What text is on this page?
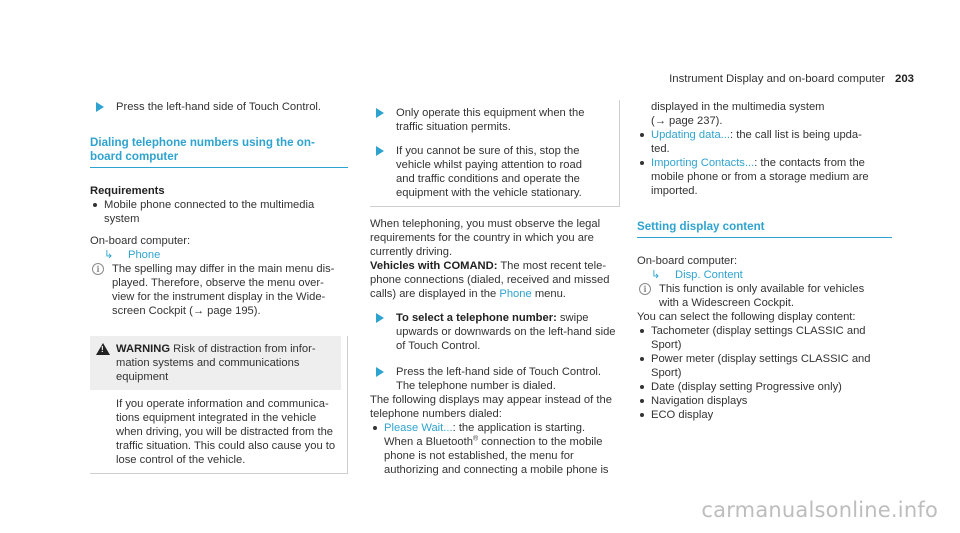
Instrument Display and on-board computer 203
Press the left-hand side of Touch Control.
Dialing telephone numbers using the on-
board computer
Requirements
Mobile phone connected to the multimedia
system
On-board computer:
↳ Phone
i	The spelling may differ in the main menu dis-
played. Therefore, observe the menu over-
view for the instrument display in the Wide-
screen Cockpit (→ page 195).
!
WARNING Risk of distraction from infor-
mation systems and communications
equipment
If you operate information and communica-
tions equipment integrated in the vehicle
when driving, you will be distracted from the
traffic situation. This could also cause you to
lose control of the vehicle.
Only operate this equipment when the
traffic situation permits.
If you cannot be sure of this, stop the
vehicle whilst paying attention to road
and traffic conditions and operate the
equipment with the vehicle stationary.
When telephoning, you must observe the legal
requirements for the country in which you are
currently driving.
Vehicles with COMAND: The most recent tele-
phone connections (dialed, received and missed
calls) are displayed in the Phone menu.
To select a telephone number: swipe
upwards or downwards on the left-hand side
of Touch Control.
Press the left-hand side of Touch Control.
The telephone number is dialed.
The following displays may appear instead of the
telephone numbers dialed:
Please Wait...: the application is starting.
When a Bluetooth® connection to the mobile
phone is not established, the menu for
authorizing and connecting a mobile phone is
displayed in the multimedia system
(→ page 237).
Updating data...: the call list is being upda-
ted.
Importing Contacts...: the contacts from the
mobile phone or from a storage medium are
imported.
Setting display content
On-board computer:
↳ Disp. Content
i	This function is only available for vehicles
with a Widescreen Cockpit.
You can select the following display content:
Tachometer (display settings CLASSIC and
Sport)
Power meter (display settings CLASSIC and
Sport)
Date (display setting Progressive only)
Navigation displays
ECO display
carmanualsonline.info
